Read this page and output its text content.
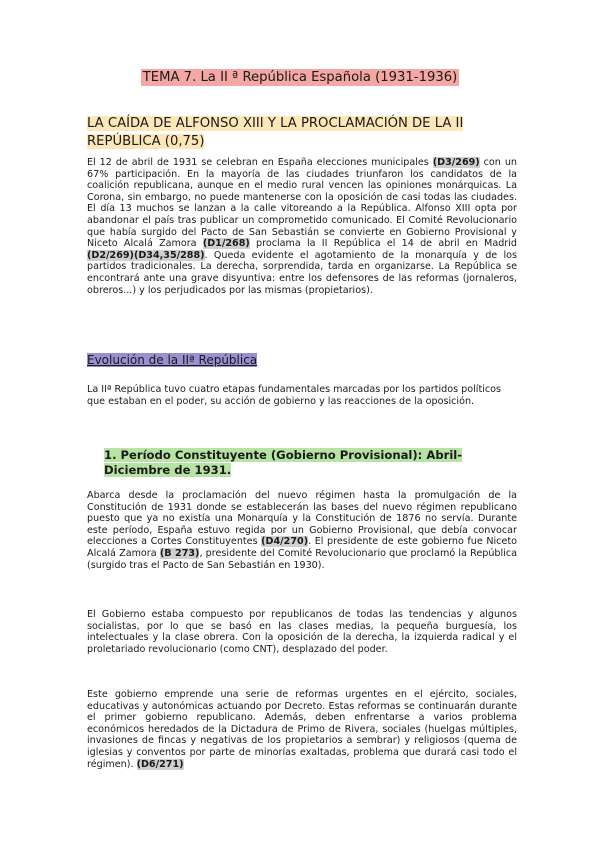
TEMA 7. La II ª República Española (1931-1936)
LA CAÍDA DE ALFONSO XIII Y LA PROCLAMACIÓN DE LA II REPÚBLICA (0,75)

El 12 de abril de 1931 se celebran en España elecciones municipales (D3/269) con un 67% participación. En la mayoría de las ciudades triunfaron los candidatos de la coalición republicana, aunque en el medio rural vencen las opiniones monárquicas. La Corona, sin embargo, no puede mantenerse con la oposición de casi todas las ciudades. El día 13 muchos se lanzan a la calle vitoreando a la República. Alfonso XIII opta por abandonar el país tras publicar un comprometido comunicado. El Comité Revolucionario que había surgido del Pacto de San Sebastián se convierte en Gobierno Provisional y Niceto Alcalá Zamora (D1/268) proclama la II República el 14 de abril en Madrid (D2/269)(D34,35/288). Queda evidente el agotamiento de la monarquía y de los partidos tradicionales. La derecha, sorprendida, tarda en organizarse. La República se encontrará ante una grave disyuntiva: entre los defensores de las reformas (jornaleros, obreros...) y los perjudicados por las mismas (propietarios).

Evolución de la IIª República

La IIª República tuvo cuatro etapas fundamentales marcadas por los partidos políticos que estaban en el poder, su acción de gobierno y las reacciones de la oposición.

1. Período Constituyente (Gobierno Provisional): Abril-Diciembre de 1931.

Abarca desde la proclamación del nuevo régimen hasta la promulgación de la Constitución de 1931 donde se establecerán las bases del nuevo régimen republicano puesto que ya no existía una Monarquía y la Constitución de 1876 no servía. Durante este período, España estuvo regida por un Gobierno Provisional, que debía convocar elecciones a Cortes Constituyentes (D4/270). El presidente de este gobierno fue Niceto Alcalá Zamora (B 273), presidente del Comité Revolucionario que proclamó la República (surgido tras el Pacto de San Sebastián en 1930).

El Gobierno estaba compuesto por republicanos de todas las tendencias y algunos socialistas, por lo que se basó en las clases medias, la pequeña burguesía, los intelectuales y la clase obrera. Con la oposición de la derecha, la izquierda radical y el proletariado revolucionario (como CNT), desplazado del poder.

Este gobierno emprende una serie de reformas urgentes en el ejército, sociales, educativas y autonómicas actuando por Decreto. Estas reformas se continuarán durante el primer gobierno republicano. Además, deben enfrentarse a varios problema económicos heredados de la Dictadura de Primo de Rivera, sociales (huelgas múltiples, invasiones de fincas y negativas de los propietarios a sembrar) y religiosos (quema de iglesias y conventos por parte de minorías exaltadas, problema que durará casi todo el régimen). (D6/271)
